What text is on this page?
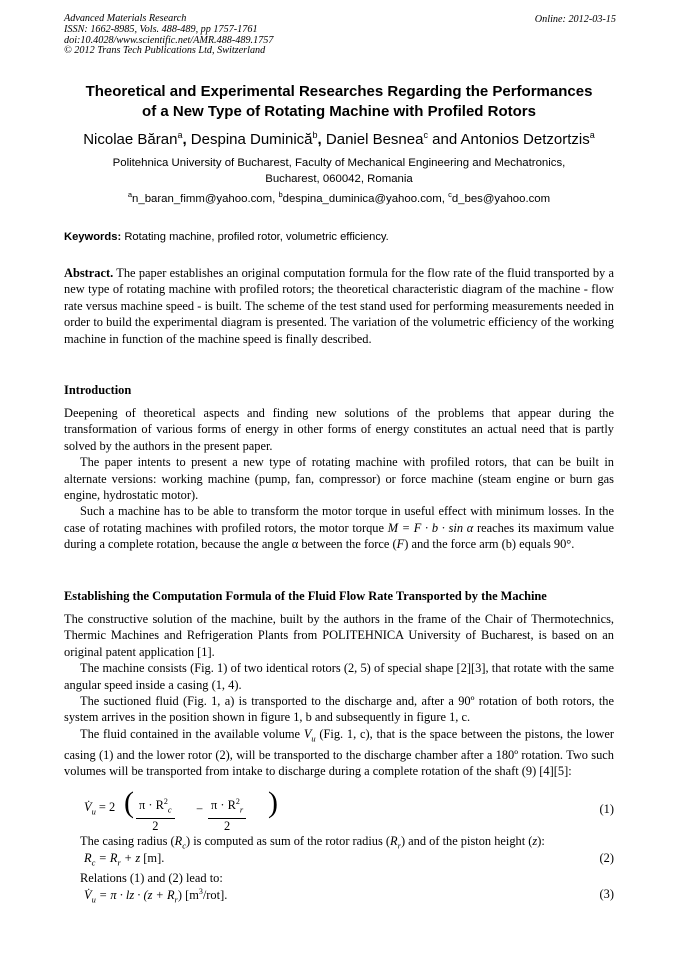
Advanced Materials Research
ISSN: 1662-8985, Vols. 488-489, pp 1757-1761
doi:10.4028/www.scientific.net/AMR.488-489.1757
© 2012 Trans Tech Publications Ltd, Switzerland
Online: 2012-03-15
Theoretical and Experimental Researches Regarding the Performances
of a New Type of Rotating Machine with Profiled Rotors
Nicolae Băran$^a$, Despina Duminică$^b$, Daniel Besnea$^c$ and Antonios Detzortzis$^a$
Politehnica University of Bucharest, Faculty of Mechanical Engineering and Mechatronics,
Bucharest, 060042, Romania
$^a$n_baran_fimm@yahoo.com, $^b$despina_duminica@yahoo.com, $^c$d_bes@yahoo.com
Keywords: Rotating machine, profiled rotor, volumetric efficiency.

Abstract. The paper establishes an original computation formula for the flow rate of the fluid transported by a new type of rotating machine with profiled rotors; the theoretical characteristic diagram of the machine - flow rate versus machine speed - is built. The scheme of the test stand used for performing measurements needed in order to build the experimental diagram is presented. The variation of the volumetric efficiency of the working machine in function of the machine speed is finally described.

Introduction

Deepening of theoretical aspects and finding new solutions of the problems that appear during the transformation of various forms of energy in other forms of energy constitutes an actual need that is partly solved by the authors in the present paper.

The paper intents to present a new type of rotating machine with profiled rotors, that can be built in alternate versions: working machine (pump, fan, compressor) or force machine (steam engine or burn gas engine, hydrostatic motor).

Such a machine has to be able to transform the motor torque in useful effect with minimum losses. In the case of rotating machines with profiled rotors, the motor torque M = F · b · sin α reaches its maximum value during a complete rotation, because the angle α between the force (F) and the force arm (b) equals 90°.

Establishing the Computation Formula of the Fluid Flow Rate Transported by the Machine

The constructive solution of the machine, built by the authors in the frame of the Chair of Thermotechnics, Thermic Machines and Refrigeration Plants from POLITEHNICA University of Bucharest, is based on an original patent application [1].

The machine consists (Fig. 1) of two identical rotors (2, 5) of special shape [2][3], that rotate with the same angular speed inside a casing (1, 4).

The suctioned fluid (Fig. 1, a) is transported to the discharge and, after a 90º rotation of both rotors, the system arrives in the position shown in figure 1, b and subsequently in figure 1, c.

The fluid contained in the available volume $V_u$ (Fig. 1, c), that is the space between the pistons, the lower casing (1) and the lower rotor (2), will be transported to the discharge chamber after a 180º rotation. Two such volumes will be transported from intake to discharge during a complete rotation of the shaft (9) [4][5]:

$V̇_u = 2$ ( $\frac{\pi \cdot R^2_c}{2} - \frac{\pi \cdot R^2_r}{2}$ )	(1)

The casing radius $(R_c)$ is computed as sum of the rotor radius $(R_r)$ and of the piston height (z):

$R_c = R_r + z$ [m].	(2)

Relations (1) and (2) lead to:

$V̇_u = \pi$ · lz · $(z + R_r)$ $[m^3/rot]$.	(3)
